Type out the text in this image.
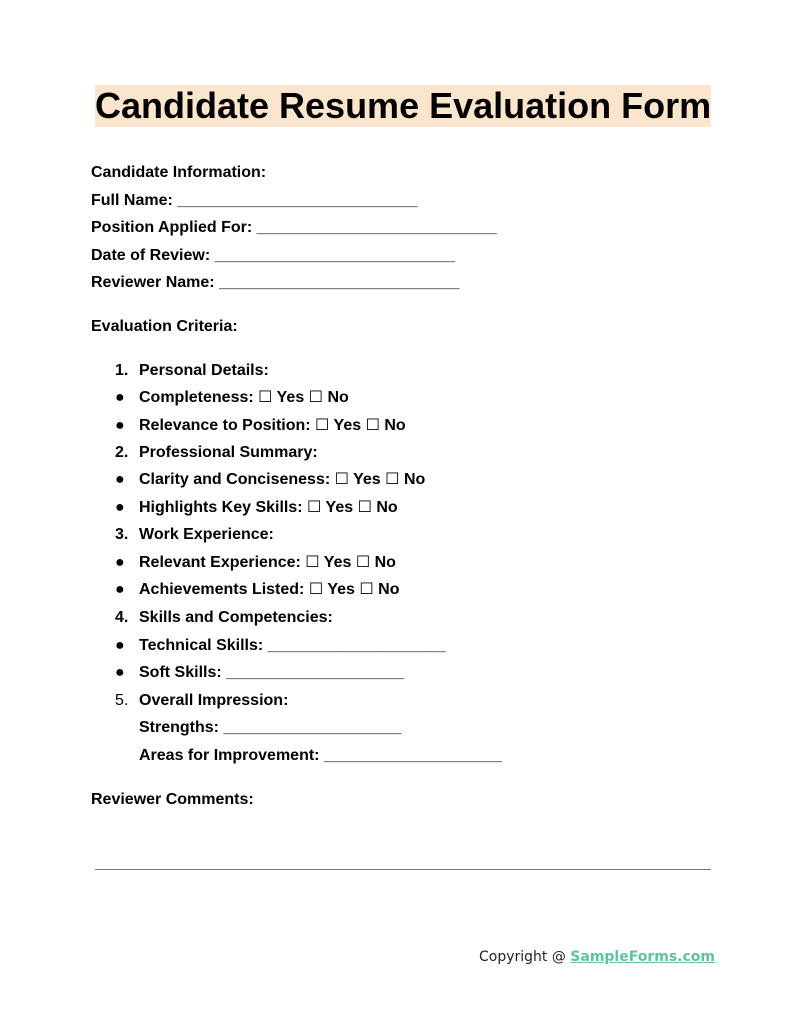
Candidate Resume Evaluation Form
Candidate Information:
Full Name: ___________________________
Position Applied For: ___________________________
Date of Review: ___________________________
Reviewer Name: ___________________________
Evaluation Criteria:
1. Personal Details:
● Completeness: ☐ Yes ☐ No
● Relevance to Position: ☐ Yes ☐ No
2. Professional Summary:
● Clarity and Conciseness: ☐ Yes ☐ No
● Highlights Key Skills: ☐ Yes ☐ No
3. Work Experience:
● Relevant Experience: ☐ Yes ☐ No
● Achievements Listed: ☐ Yes ☐ No
4. Skills and Competencies:
● Technical Skills: ____________________
● Soft Skills: ____________________
5. Overall Impression:
Strengths: ____________________
Areas for Improvement: ____________________
Reviewer Comments:
Copyright @ SampleForms.com
